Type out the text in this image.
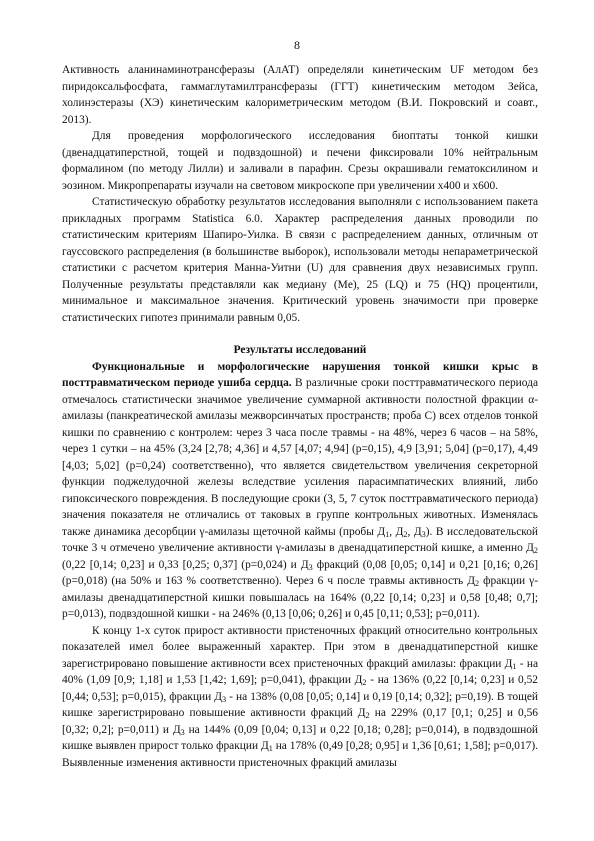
8

Активность аланинаминотрансферазы (АлАТ) определяли кинетическим UF методом без пиридоксальфосфата, гаммаглутамилтрансферазы (ГГТ) кинетическим методом Зейса, холинэстеразы (ХЭ) кинетическим калориметрическим методом (В.И. Покровский и соавт., 2013).

Для проведения морфологического исследования биоптаты тонкой кишки (двенадцатиперстной, тощей и подвздошной) и печени фиксировали 10% нейтральным формалином (по методу Лилли) и заливали в парафин. Срезы окрашивали гематоксилином и эозином. Микропрепараты изучали на световом микроскопе при увеличении х400 и х600.

Статистическую обработку результатов исследования выполняли с использованием пакета прикладных программ Statistica 6.0. Характер распределения данных проводили по статистическим критериям Шапиро-Уилка. В связи с распределением данных, отличным от гауссовского распределения (в большинстве выборок), использовали методы непараметрической статистики с расчетом критерия Манна-Уитни (U) для сравнения двух независимых групп. Полученные результаты представляли как медиану (Me), 25 (LQ) и 75 (HQ) процентили, минимальное и максимальное значения. Критический уровень значимости при проверке статистических гипотез принимали равным 0,05.

Результаты исследований

Функциональные и морфологические нарушения тонкой кишки крыс в посттравматическом периоде ушиба сердца. В различные сроки посттравматического периода отмечалось статистически значимое увеличение суммарной активности полостной фракции α-амилазы (панкреатической амилазы межворсинчатых пространств; проба С) всех отделов тонкой кишки по сравнению с контролем: через 3 часа после травмы - на 48%, через 6 часов – на 58%, через 1 сутки – на 45% (3,24 [2,78; 4,36] и 4,57 [4,07; 4,94] (p=0,15), 4,9 [3,91; 5,04] (p=0,17), 4,49 [4,03; 5,02] (p=0,24) соответственно), что является свидетельством увеличения секреторной функции поджелудочной железы вследствие усиления парасимпатических влияний, либо гипоксического повреждения. В последующие сроки (3, 5, 7 суток посттравматического периода) значения показателя не отличались от таковых в группе контрольных животных. Изменялась также динамика десорбции γ-амилазы щеточной каймы (пробы $Д_1$, $Д_2$, $Д_3$). В исследовательской точке 3 ч отмечено увеличение активности γ-амилазы в двенадцатиперстной кишке, а именно $Д_2$ (0,22 [0,14; 0,23] и 0,33 [0,25; 0,37] (p=0,024) и $Д_3$ фракций (0,08 [0,05; 0,14] и 0,21 [0,16; 0,26] (p=0,018) (на 50% и 163 % соответственно). Через 6 ч после травмы активность $Д_2$ фракции γ-амилазы двенадцатиперстной кишки повышалась на 164% (0,22 [0,14; 0,23] и 0,58 [0,48; 0,7]; p=0,013), подвздошной кишки - на 246% (0,13 [0,06; 0,26] и 0,45 [0,11; 0,53]; p=0,011).

К концу 1-х суток прирост активности пристеночных фракций относительно контрольных показателей имел более выраженный характер. При этом в двенадцатиперстной кишке зарегистрировано повышение активности всех пристеночных фракций амилазы: фракции $Д_1$ - на 40% (1,09 [0,9; 1,18] и 1,53 [1,42; 1,69]; p=0,041), фракции $Д_2$ - на 136% (0,22 [0,14; 0,23] и 0,52 [0,44; 0,53]; p=0,015), фракции $Д_3$ - на 138% (0,08 [0,05; 0,14] и 0,19 [0,14; 0,32]; p=0,19). В тощей кишке зарегистрировано повышение активности фракций $Д_2$ на 229% (0,17 [0,1; 0,25] и 0,56 [0,32; 0,2]; p=0,011) и $Д_3$ на 144% (0,09 [0,04; 0,13] и 0,22 [0,18; 0,28]; p=0,014), в подвздошной кишке выявлен прирост только фракции $Д_1$ на 178% (0,49 [0,28; 0,95] и 1,36 [0,61; 1,58]; p=0,017). Выявленные изменения активности пристеночных фракций амилазы
